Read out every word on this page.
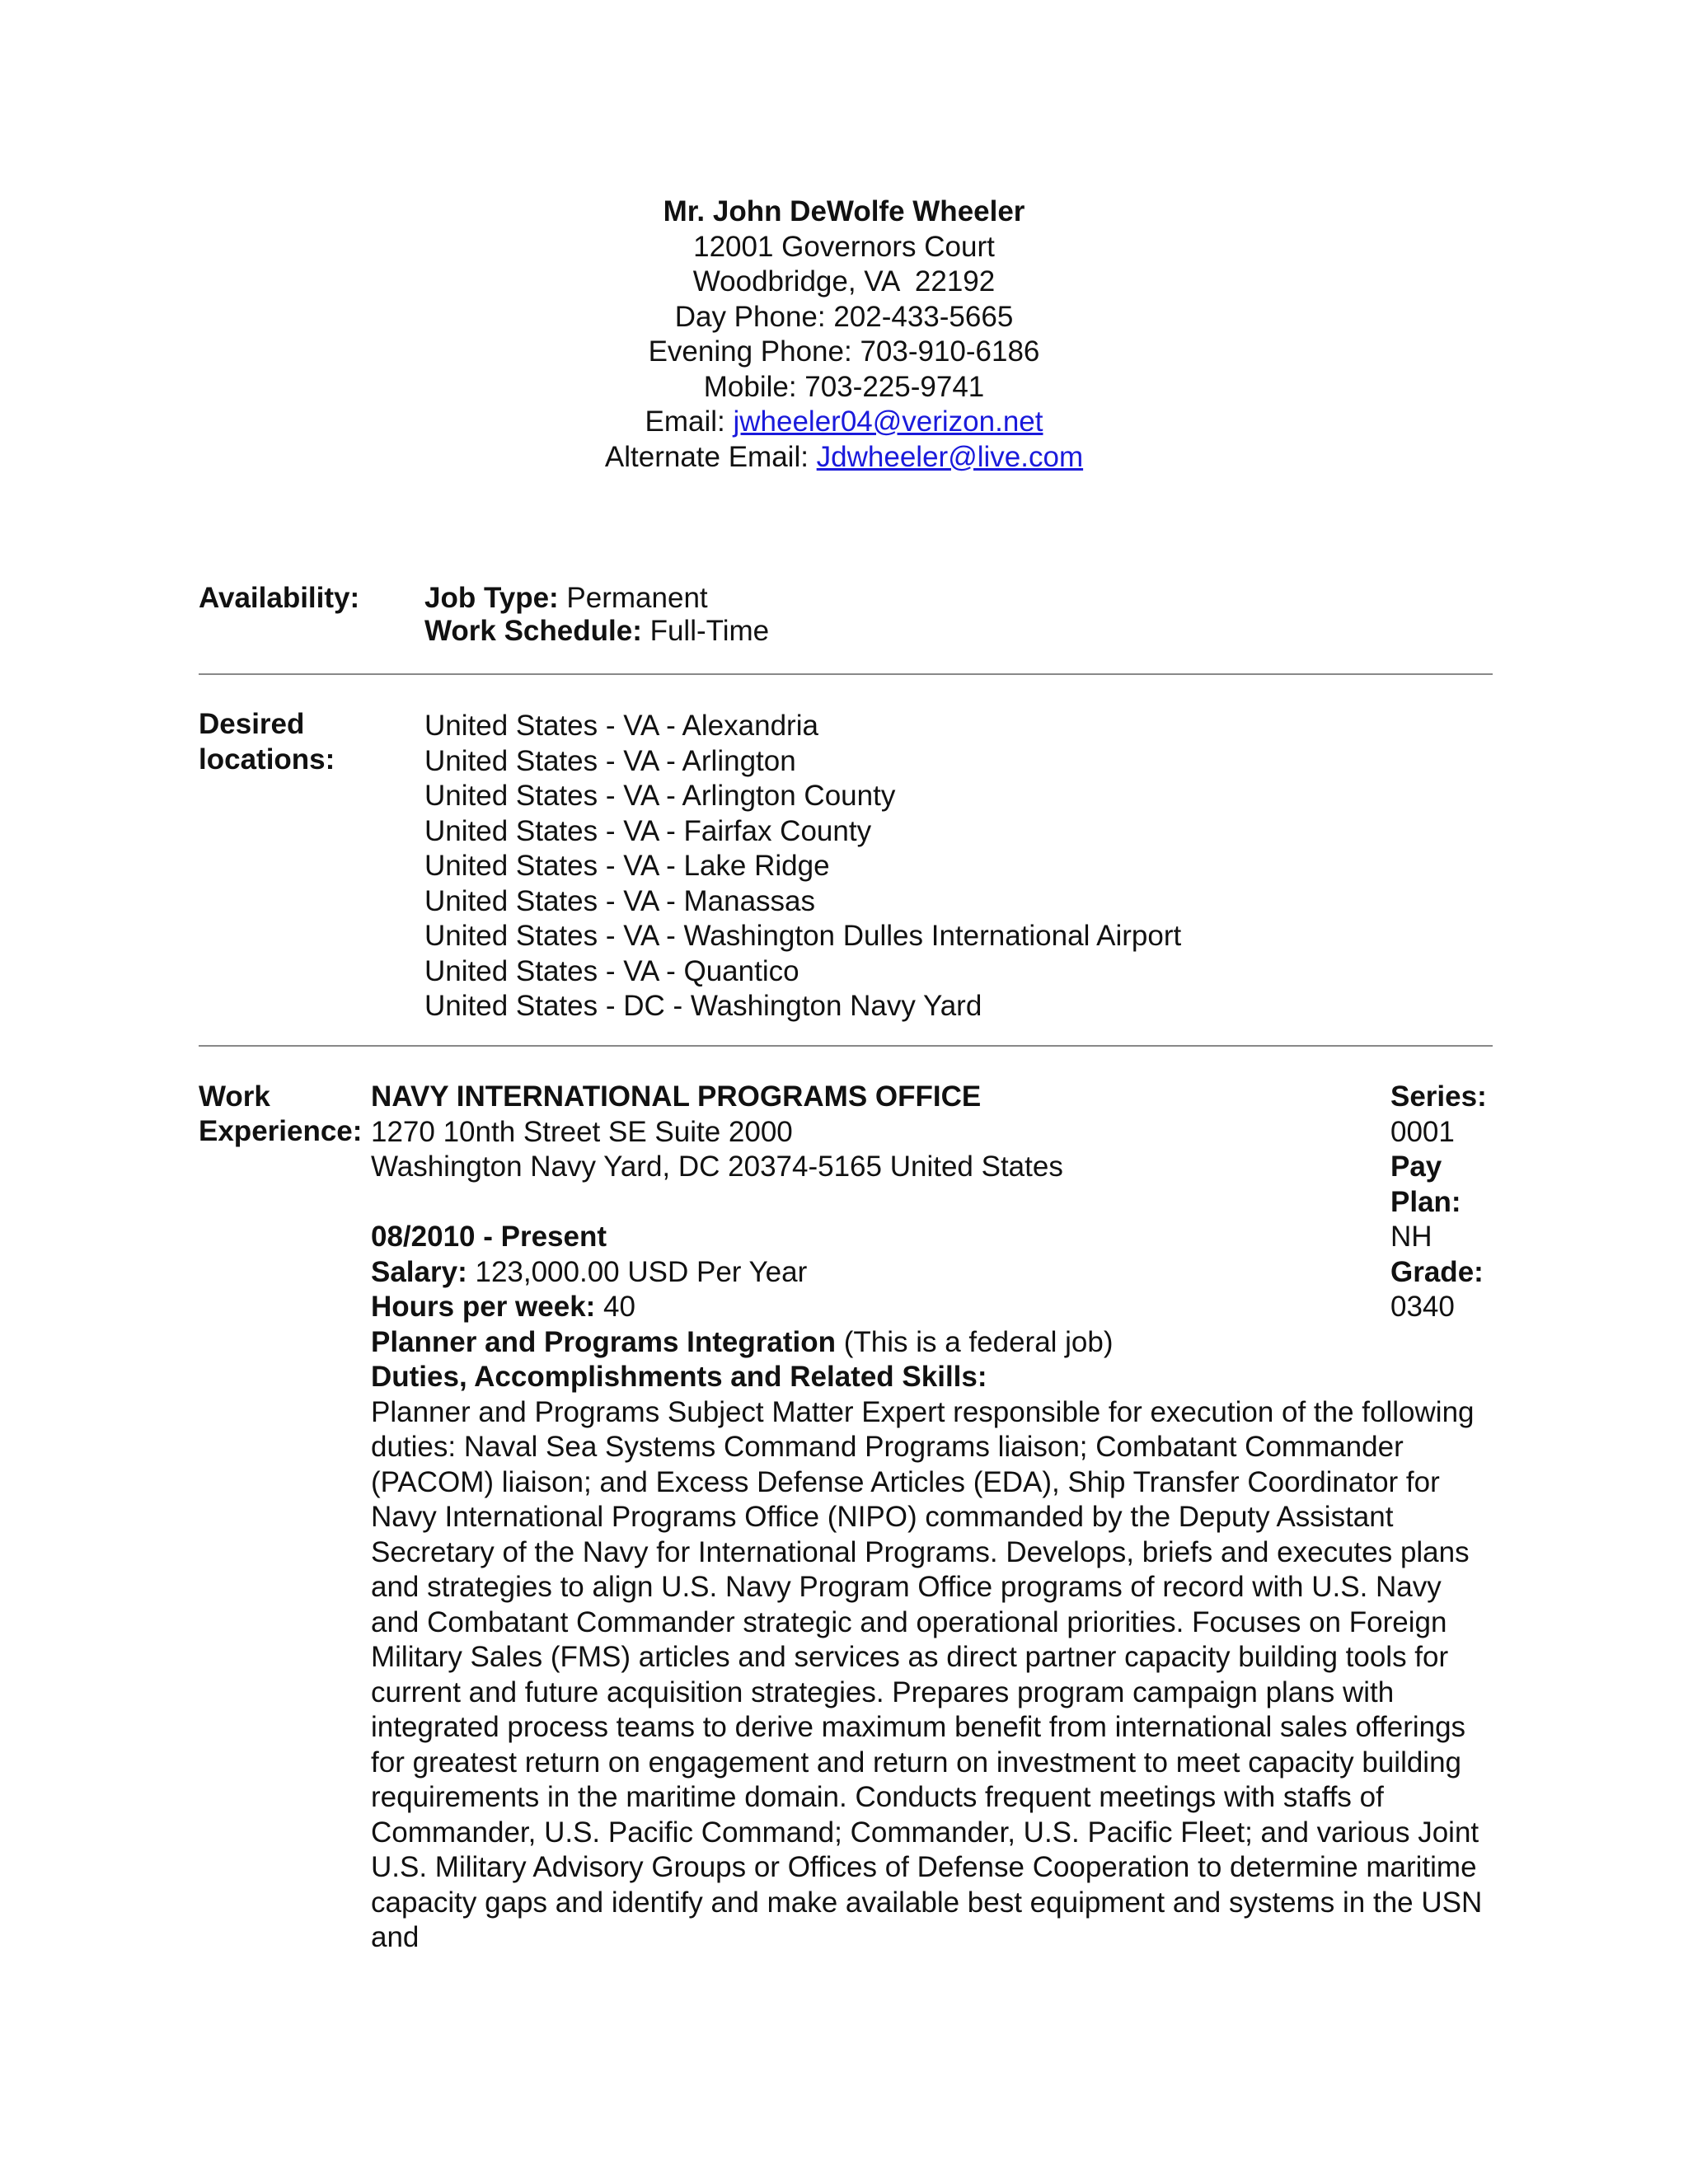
Mr. John DeWolfe Wheeler
12001 Governors Court
Woodbridge, VA  22192
Day Phone: 202-433-5665
Evening Phone: 703-910-6186
Mobile: 703-225-9741
Email: jwheeler04@verizon.net
Alternate Email: Jdwheeler@live.com
Availability: Job Type: Permanent
Work Schedule: Full-Time
Desired
locations:
United States - VA - Alexandria
United States - VA - Arlington
United States - VA - Arlington County
United States - VA - Fairfax County
United States - VA - Lake Ridge
United States - VA - Manassas
United States - VA - Washington Dulles International Airport
United States - VA - Quantico
United States - DC - Washington Navy Yard
Work
Experience:
NAVY INTERNATIONAL PROGRAMS OFFICE
1270 10nth Street SE Suite 2000
Washington Navy Yard, DC 20374-5165 United States
08/2010 - Present
Salary: 123,000.00 USD Per Year
Hours per week: 40
Planner and Programs Integration (This is a federal job)
Duties, Accomplishments and Related Skills:
Planner and Programs Subject Matter Expert responsible for execution of the following duties: Naval Sea Systems Command Programs liaison; Combatant Commander (PACOM) liaison; and Excess Defense Articles (EDA), Ship Transfer Coordinator for Navy International Programs Office (NIPO) commanded by the Deputy Assistant Secretary of the Navy for International Programs. Develops, briefs and executes plans and strategies to align U.S. Navy Program Office programs of record with U.S. Navy and Combatant Commander strategic and operational priorities. Focuses on Foreign Military Sales (FMS) articles and services as direct partner capacity building tools for current and future acquisition strategies. Prepares program campaign plans with integrated process teams to derive maximum benefit from international sales offerings for greatest return on engagement and return on investment to meet capacity building requirements in the maritime domain. Conducts frequent meetings with staffs of Commander, U.S. Pacific Command; Commander, U.S. Pacific Fleet; and various Joint U.S. Military Advisory Groups or Offices of Defense Cooperation to determine maritime capacity gaps and identify and make available best equipment and systems in the USN and
Series:
0001
Pay
Plan:
NH
Grade:
0340
